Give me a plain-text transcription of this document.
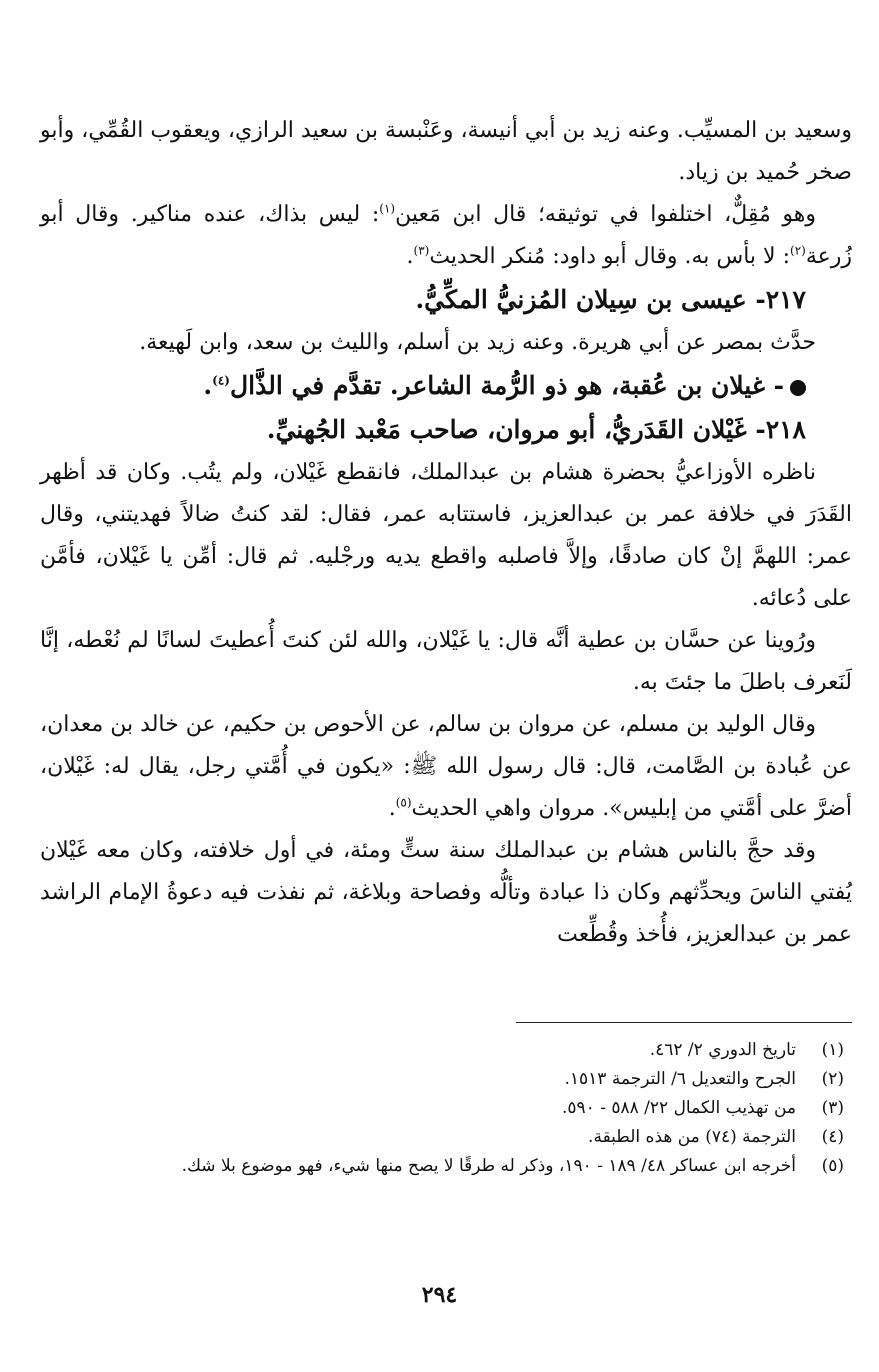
وسعيد بن المسيِّب. وعنه زيد بن أبي أنيسة، وعَنْبسة بن سعيد الرازي، ويعقوب القُمِّي، وأبو صخر حُميد بن زياد.

وهو مُقِلٌّ، اختلفوا في توثيقه؛ قال ابن مَعين$^{(١)}$: ليس بذاك، عنده مناكير. وقال أبو زُرعة$^{(٢)}$: لا بأس به. وقال أبو داود: مُنكر الحديث$^{(٣)}$.

٢١٧- عيسى بن سِيلان المُزنيُّ المكِّيُّ.

حدَّث بمصر عن أبي هريرة. وعنه زيد بن أسلم، والليث بن سعد، وابن لَهيعة.

- غيلان بن عُقبة، هو ذو الرُّمة الشاعر. تقدَّم في الذَّال$^{(٤)}$.

٢١٨- غَيْلان القَدَريُّ، أبو مروان، صاحب مَعْبد الجُهنيِّ.

ناظره الأوزاعيُّ بحضرة هشام بن عبدالملك، فانقطع غَيْلان، ولم يتُب. وكان قد أظهر القَدَرَ في خلافة عمر بن عبدالعزيز، فاستتابه عمر، فقال: لقد كنتُ ضالاً فهديتني، وقال عمر: اللهمَّ إنْ كان صادقًا، وإلاَّ فاصلبه واقطع يديه ورجْليه. ثم قال: أمِّن يا غَيْلان، فأمَّن على دُعائه.

ورُوينا عن حسَّان بن عطية أنَّه قال: يا غَيْلان، والله لئن كنتَ أُعطيتَ لسانًا لم نُعْطه، إنَّا لَنَعرف باطلَ ما جئتَ به.

وقال الوليد بن مسلم، عن مروان بن سالم، عن الأحوص بن حكيم، عن خالد بن معدان، عن عُبادة بن الصَّامت، قال: قال رسول الله ﷺ: «يكون في أُمَّتي رجل، يقال له: غَيْلان، أضرَّ على أمَّتي من إبليس». مروان واهي الحديث$^{(٥)}$.

وقد حجَّ بالناس هشام بن عبدالملك سنة ستٍّ ومئة، في أول خلافته، وكان معه غَيْلان يُفتي الناسَ ويحدِّثهم وكان ذا عبادة وتألُّه وفصاحة وبلاغة، ثم نفذت فيه دعوةُ الإمام الراشد عمر بن عبدالعزيز، فأُخذ وقُطِّعت

(١)
تاريخ الدوري ٢/ ٤٦٢.
(٢)
الجرح والتعديل ٦/ الترجمة ١٥١٣.
(٣)
من تهذيب الكمال ٢٢/ ٥٨٨ - ٥٩٠.
(٤)
الترجمة (٧٤) من هذه الطبقة.
(٥)
أخرجه ابن عساكر ٤٨/ ١٨٩ - ١٩٠، وذكر له طرقًا لا يصح منها شيء، فهو موضوع بلا شك.
٢٩٤
